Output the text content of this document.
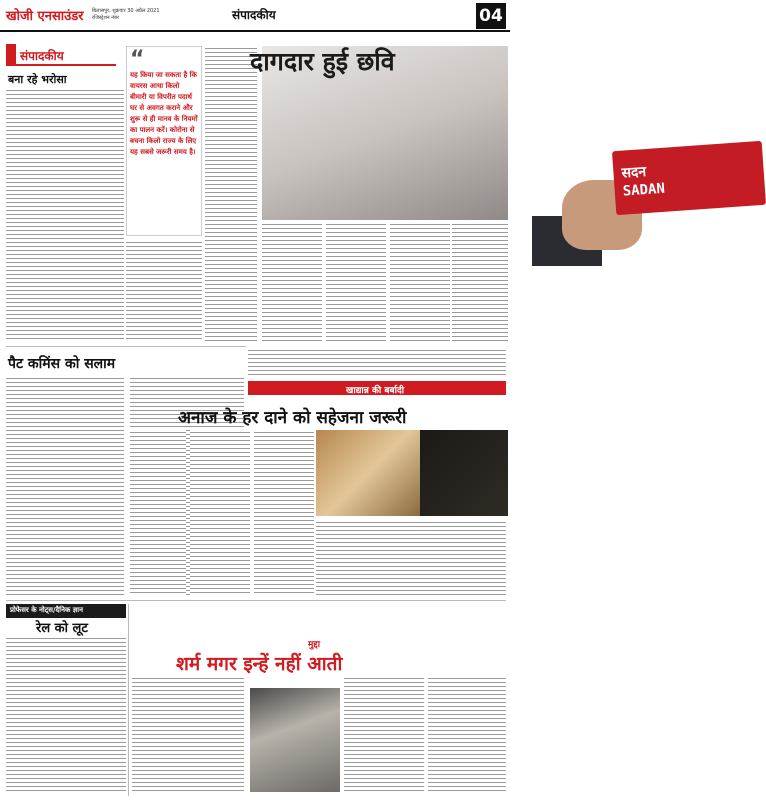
खोजी एनसाउंडर बिलासपुर, शुक्रवार 30 अप्रैल 2021
रजिस्ट्रेशन नंबर	संपादकीय	04
संपादकीय
बना रहे भरोसा
पैट कमिंस को सलाम
“
यह किया जा सकता है कि वायरस आधा किलो बीमारी या विपरीत पदार्थ घर से अवगत कराने और शुरू से ही मानव के नियमों का पालन करें। कोरोना से बचना किलो राज्य के लिए यह सबसे जरूरी समय है।
सदन
SADAN
दागदार हुई छवि
खाद्यान्न की बर्बादी
अनाज के हर दाने को सहेजना जरूरी
प्रोफेसर के नोट्स/दैनिक ज्ञान
रेल को लूट
मुद्दा
शर्म मगर इन्हें नहीं आती
